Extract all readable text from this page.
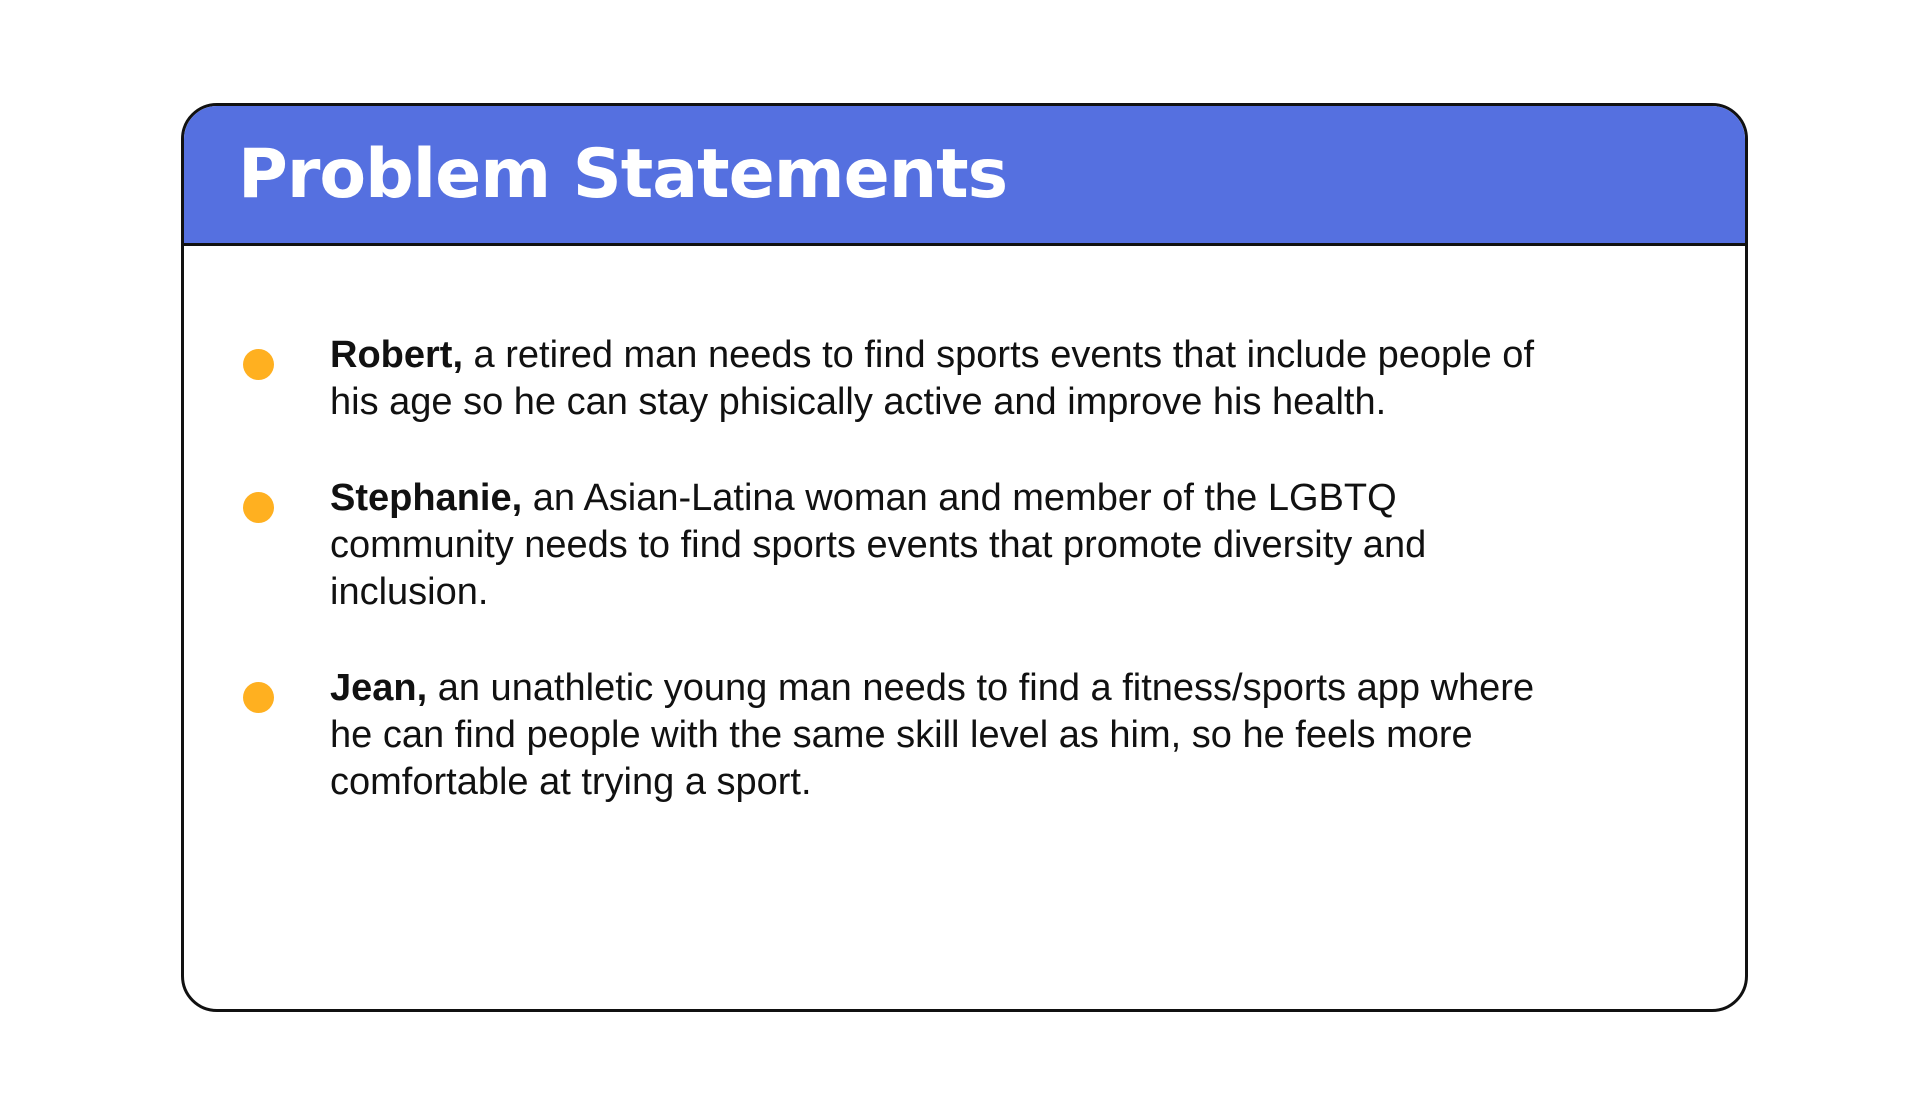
Problem Statements
Robert, a retired man needs to find sports events that include people of his age so he can stay phisically active and improve his health.
Stephanie, an Asian-Latina woman and member of the LGBTQ community needs to find sports events that promote diversity and inclusion.
Jean, an unathletic young man needs to find a fitness/sports app where he can find people with the same skill level as him, so he feels more comfortable at trying a sport.
